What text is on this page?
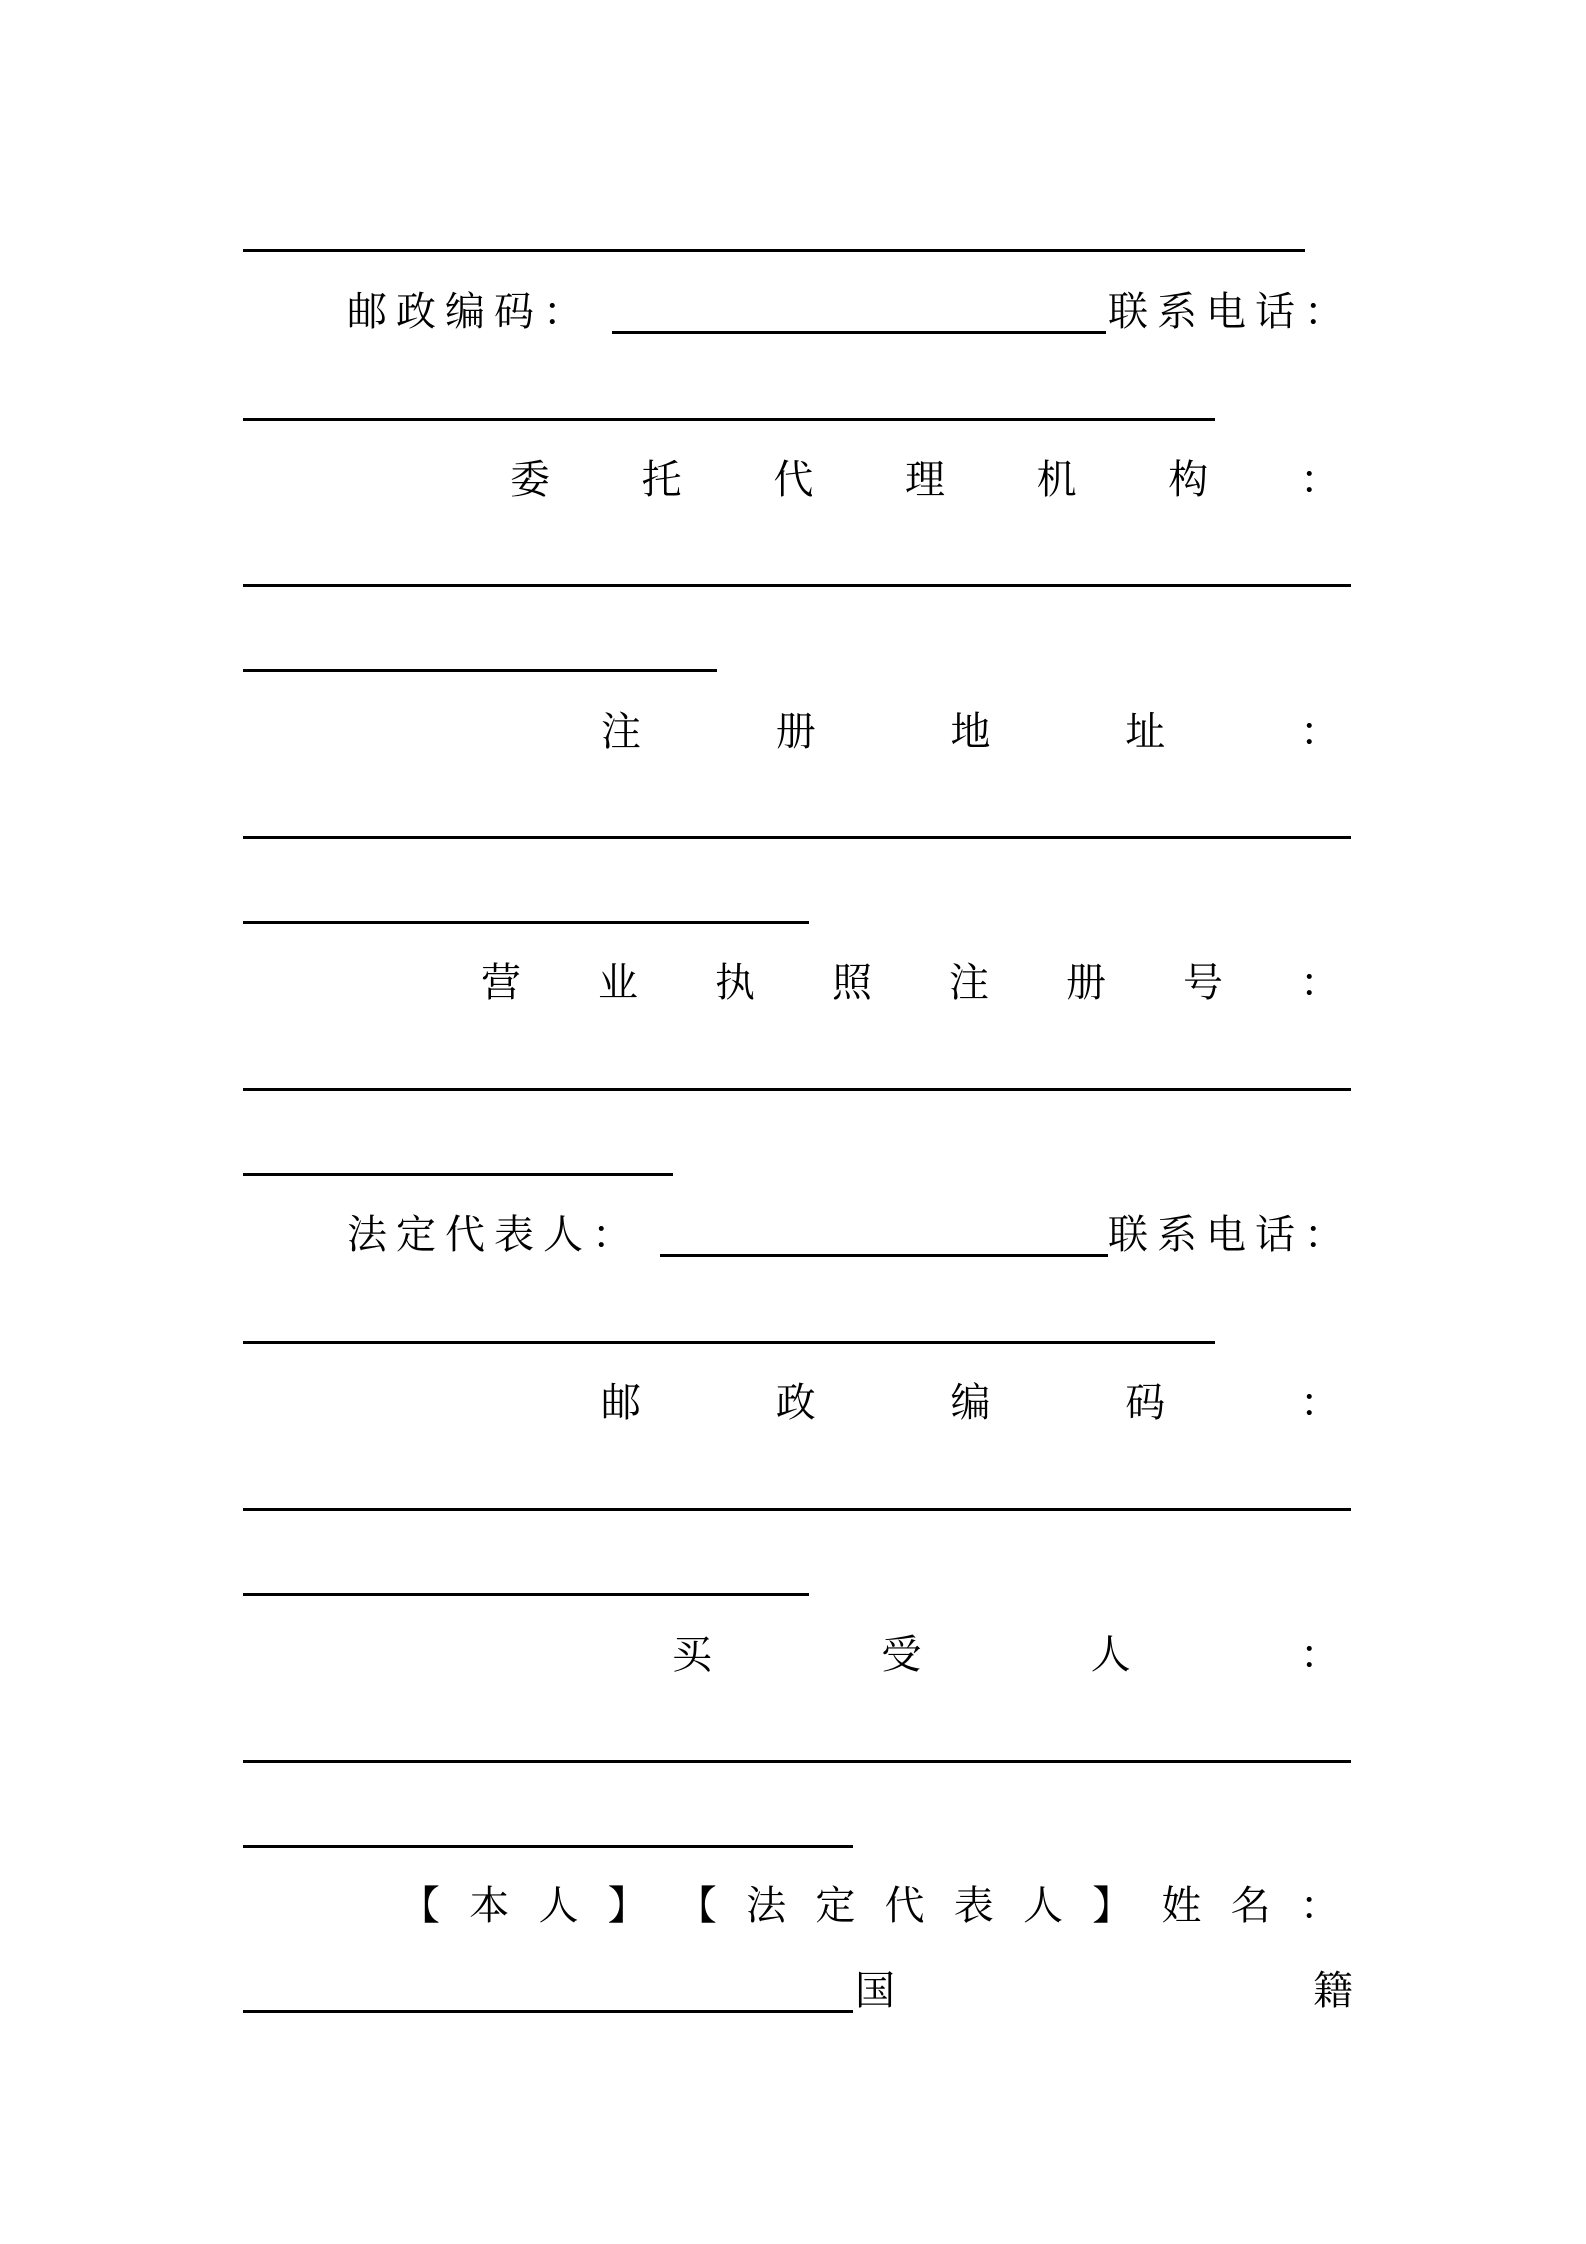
邮政编码：	联系电话：
委 托 代 理 机 构 ：
注	册	地	址	：
营 业 执 照 注 册 号 ：
法定代表人：	联系电话：
邮	政	编	码	：
买	受	人	：
【 本 人 】 【 法 定 代 表 人 】 姓 名 ：
国	籍
